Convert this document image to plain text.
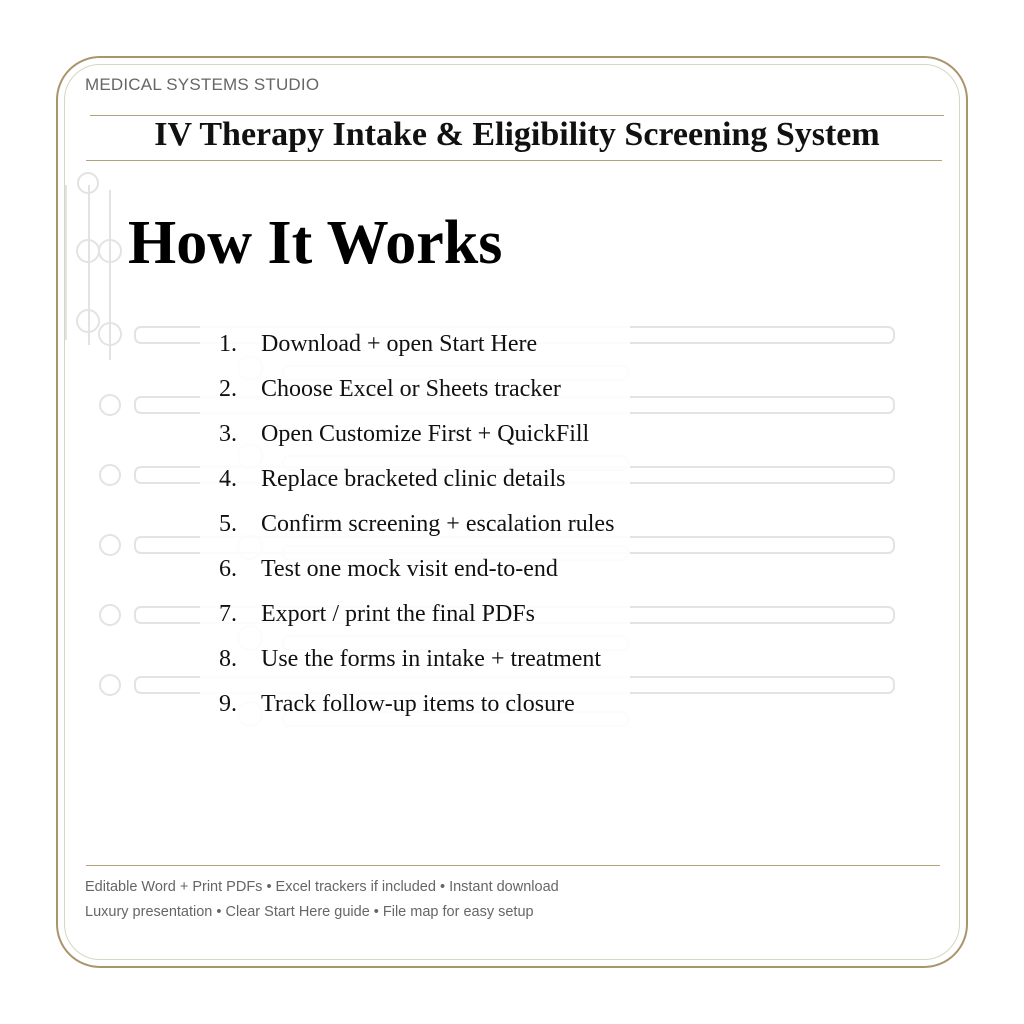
MEDICAL SYSTEMS STUDIO
IV Therapy Intake & Eligibility Screening System
How It Works
1. Download + open Start Here
2. Choose Excel or Sheets tracker
3. Open Customize First + QuickFill
4. Replace bracketed clinic details
5. Confirm screening + escalation rules
6. Test one mock visit end-to-end
7. Export / print the final PDFs
8. Use the forms in intake + treatment
9. Track follow-up items to closure
Editable Word + Print PDFs • Excel trackers if included • Instant download
Luxury presentation • Clear Start Here guide • File map for easy setup
